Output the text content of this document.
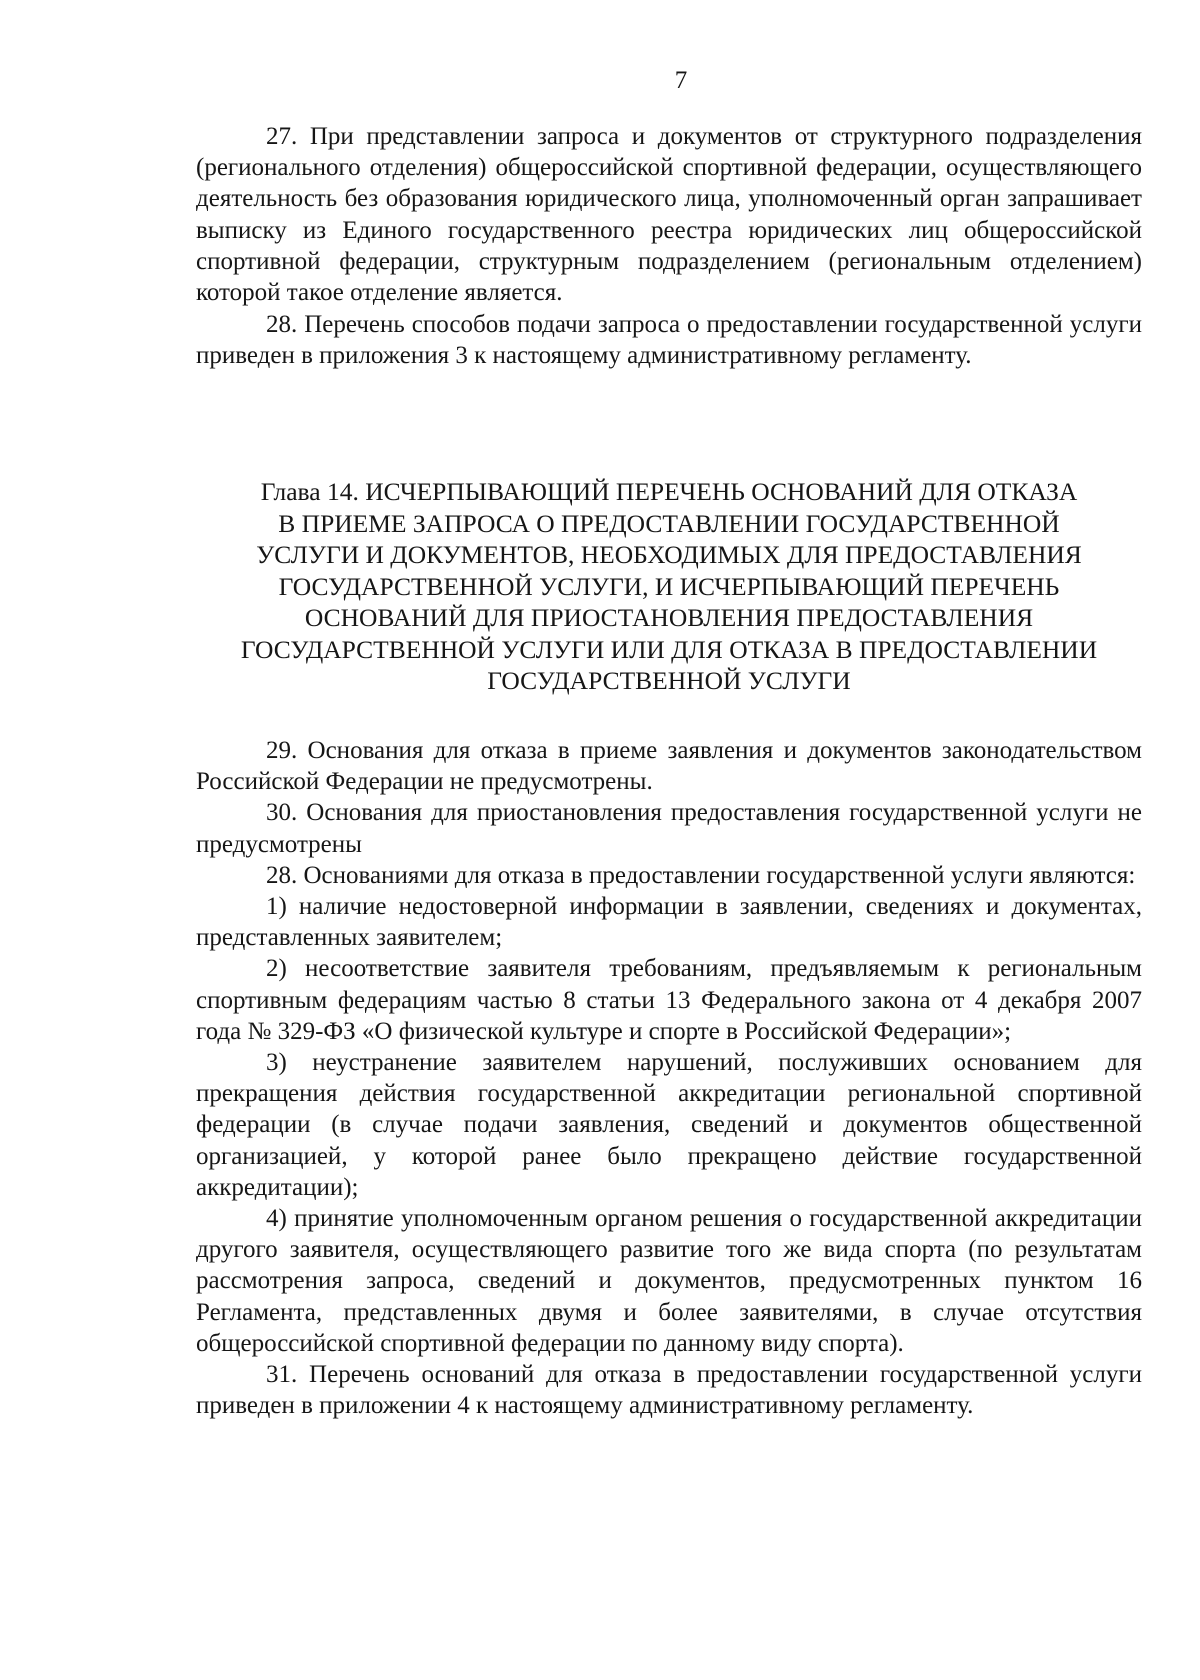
7

27. При представлении запроса и документов от структурного подразделения (регионального отделения) общероссийской спортивной федерации, осуществляющего деятельность без образования юридического лица, уполномоченный орган запрашивает выписку из Единого государственного реестра юридических лиц общероссийской спортивной федерации, структурным подразделением (региональным отделением) которой такое отделение является.

28. Перечень способов подачи запроса о предоставлении государственной услуги приведен в приложения 3 к настоящему административному регламенту.

Глава 14. ИСЧЕРПЫВАЮЩИЙ ПЕРЕЧЕНЬ ОСНОВАНИЙ ДЛЯ ОТКАЗА
В ПРИЕМЕ ЗАПРОСА О ПРЕДОСТАВЛЕНИИ ГОСУДАРСТВЕННОЙ
УСЛУГИ И ДОКУМЕНТОВ, НЕОБХОДИМЫХ ДЛЯ ПРЕДОСТАВЛЕНИЯ
ГОСУДАРСТВЕННОЙ УСЛУГИ, И ИСЧЕРПЫВАЮЩИЙ ПЕРЕЧЕНЬ
ОСНОВАНИЙ ДЛЯ ПРИОСТАНОВЛЕНИЯ ПРЕДОСТАВЛЕНИЯ
ГОСУДАРСТВЕННОЙ УСЛУГИ ИЛИ ДЛЯ ОТКАЗА В ПРЕДОСТАВЛЕНИИ
ГОСУДАРСТВЕННОЙ УСЛУГИ

29. Основания для отказа в приеме заявления и документов законодательством Российской Федерации не предусмотрены.

30. Основания для приостановления предоставления государственной услуги не предусмотрены

28. Основаниями для отказа в предоставлении государственной услуги являются:

1) наличие недостоверной информации в заявлении, сведениях и документах, представленных заявителем;

2) несоответствие заявителя требованиям, предъявляемым к региональным спортивным федерациям частью 8 статьи 13 Федерального закона от 4 декабря 2007 года № 329-ФЗ «О физической культуре и спорте в Российской Федерации»;

3) неустранение заявителем нарушений, послуживших основанием для прекращения действия государственной аккредитации региональной спортивной федерации (в случае подачи заявления, сведений и документов общественной организацией, у которой ранее было прекращено действие государственной аккредитации);

4) принятие уполномоченным органом решения о государственной аккредитации другого заявителя, осуществляющего развитие того же вида спорта (по результатам рассмотрения запроса, сведений и документов, предусмотренных пунктом 16 Регламента, представленных двумя и более заявителями, в случае отсутствия общероссийской спортивной федерации по данному виду спорта).

31. Перечень оснований для отказа в предоставлении государственной услуги приведен в приложении 4 к настоящему административному регламенту.
